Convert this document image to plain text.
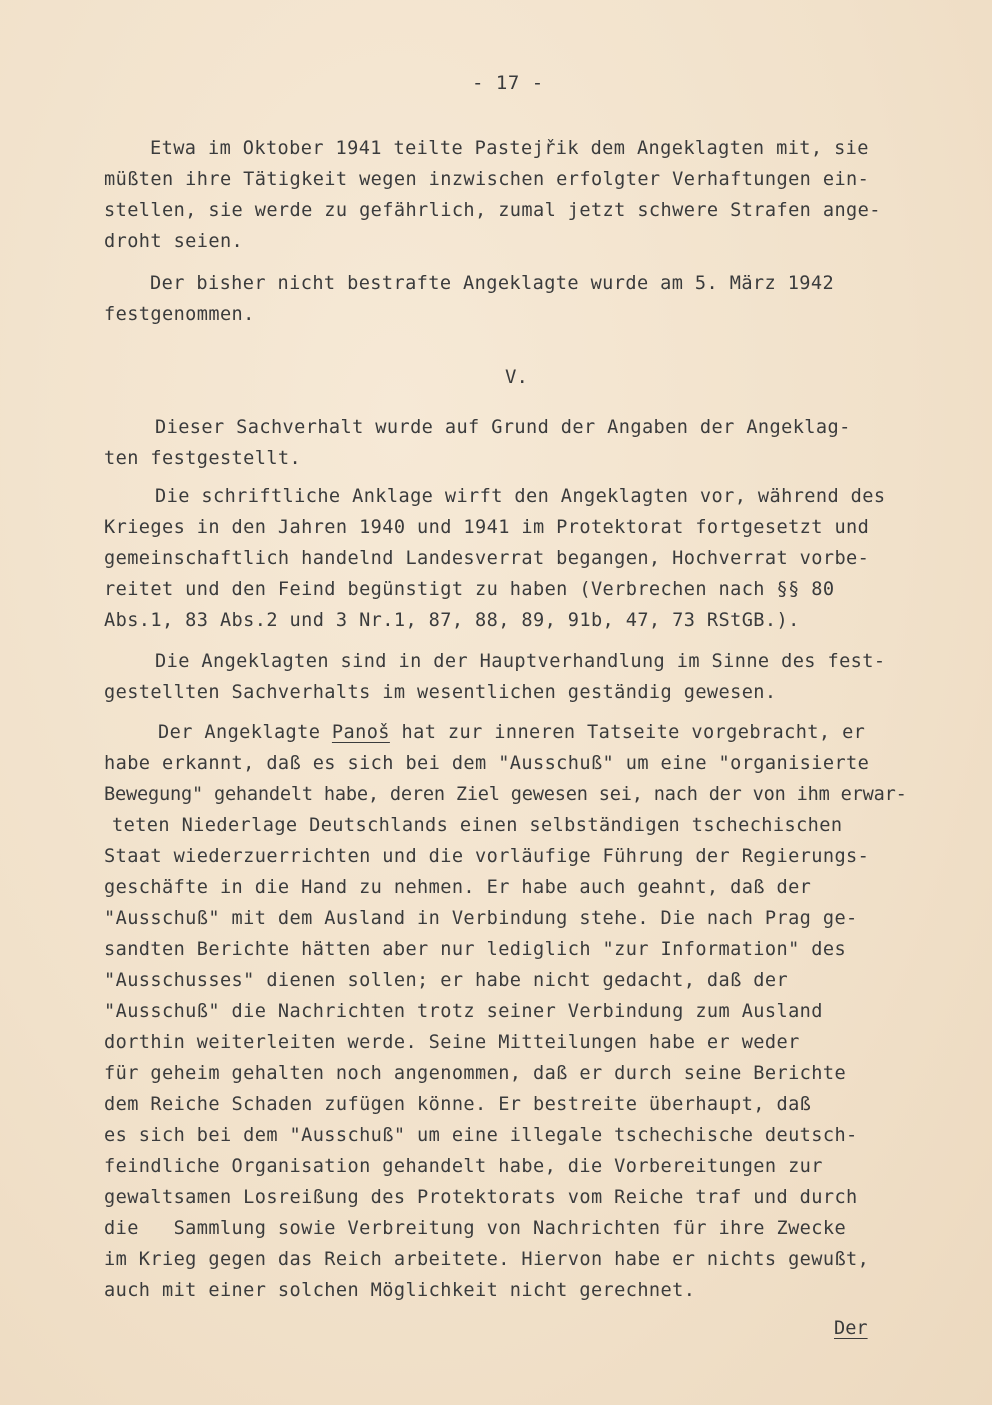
- 17 -
Etwa im Oktober 1941 teilte Pastejřik dem Angeklagten mit, sie
müßten ihre Tätigkeit wegen inzwischen erfolgter Verhaftungen ein-
stellen, sie werde zu gefährlich, zumal jetzt schwere Strafen ange-
droht seien.
Der bisher nicht bestrafte Angeklagte wurde am 5. März 1942
festgenommen.
V.
Dieser Sachverhalt wurde auf Grund der Angaben der Angeklag-
ten festgestellt.
Die schriftliche Anklage wirft den Angeklagten vor, während des
Krieges in den Jahren 1940 und 1941 im Protektorat fortgesetzt und
gemeinschaftlich handelnd Landesverrat begangen, Hochverrat vorbe-
reitet und den Feind begünstigt zu haben (Verbrechen nach §§ 80
Abs.1, 83 Abs.2 und 3 Nr.1, 87, 88, 89, 91b, 47, 73 RStGB.).
Die Angeklagten sind in der Hauptverhandlung im Sinne des fest-
gestellten Sachverhalts im wesentlichen geständig gewesen.
Der Angeklagte Panoš hat zur inneren Tatseite vorgebracht, er
habe erkannt, daß es sich bei dem "Ausschuß" um eine "organisierte
Bewegung" gehandelt habe, deren Ziel gewesen sei, nach der von ihm erwar-
teten Niederlage Deutschlands einen selbständigen tschechischen
Staat wiederzuerrichten und die vorläufige Führung der Regierungs-
geschäfte in die Hand zu nehmen. Er habe auch geahnt, daß der
"Ausschuß" mit dem Ausland in Verbindung stehe. Die nach Prag ge-
sandten Berichte hätten aber nur lediglich "zur Information" des
"Ausschusses" dienen sollen; er habe nicht gedacht, daß der
"Ausschuß" die Nachrichten trotz seiner Verbindung zum Ausland
dorthin weiterleiten werde. Seine Mitteilungen habe er weder
für geheim gehalten noch angenommen, daß er durch seine Berichte
dem Reiche Schaden zufügen könne. Er bestreite überhaupt, daß
es sich bei dem "Ausschuß" um eine illegale tschechische deutsch-
feindliche Organisation gehandelt habe, die Vorbereitungen zur
gewaltsamen Losreißung des Protektorats vom Reiche traf und durch
die   Sammlung sowie Verbreitung von Nachrichten für ihre Zwecke
im Krieg gegen das Reich arbeitete. Hiervon habe er nichts gewußt,
auch mit einer solchen Möglichkeit nicht gerechnet.
Der
